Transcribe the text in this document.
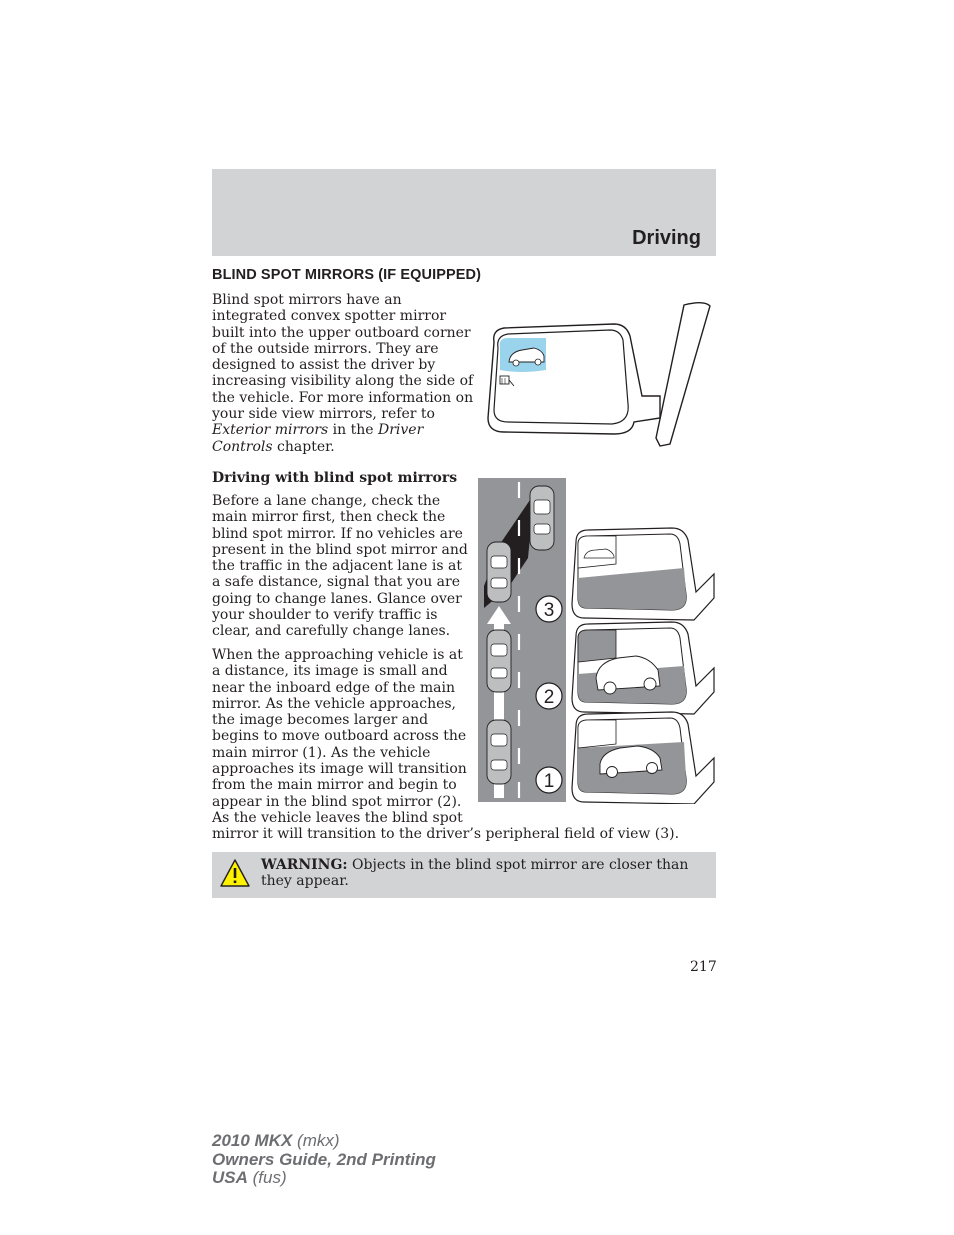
Driving
BLIND SPOT MIRRORS (IF EQUIPPED)
Blind spot mirrors have an
integrated convex spotter mirror
built into the upper outboard corner
of the outside mirrors. They are
designed to assist the driver by
increasing visibility along the side of
the vehicle. For more information on
your side view mirrors, refer to
Exterior mirrors in the Driver
Controls chapter.
Driving with blind spot mirrors
Before a lane change, check the
main mirror first, then check the
blind spot mirror. If no vehicles are
present in the blind spot mirror and
the traffic in the adjacent lane is at
a safe distance, signal that you are
going to change lanes. Glance over
your shoulder to verify traffic is
clear, and carefully change lanes.
When the approaching vehicle is at
a distance, its image is small and
near the inboard edge of the main
mirror. As the vehicle approaches,
the image becomes larger and
begins to move outboard across the
main mirror (1). As the vehicle
approaches its image will transition
from the main mirror and begin to
appear in the blind spot mirror (2).
As the vehicle leaves the blind spot
mirror it will transition to the driver’s peripheral field of view (3).
3
2
1
WARNING: Objects in the blind spot mirror are closer than they appear.
217
2010 MKX (mkx)
Owners Guide, 2nd Printing
USA (fus)
